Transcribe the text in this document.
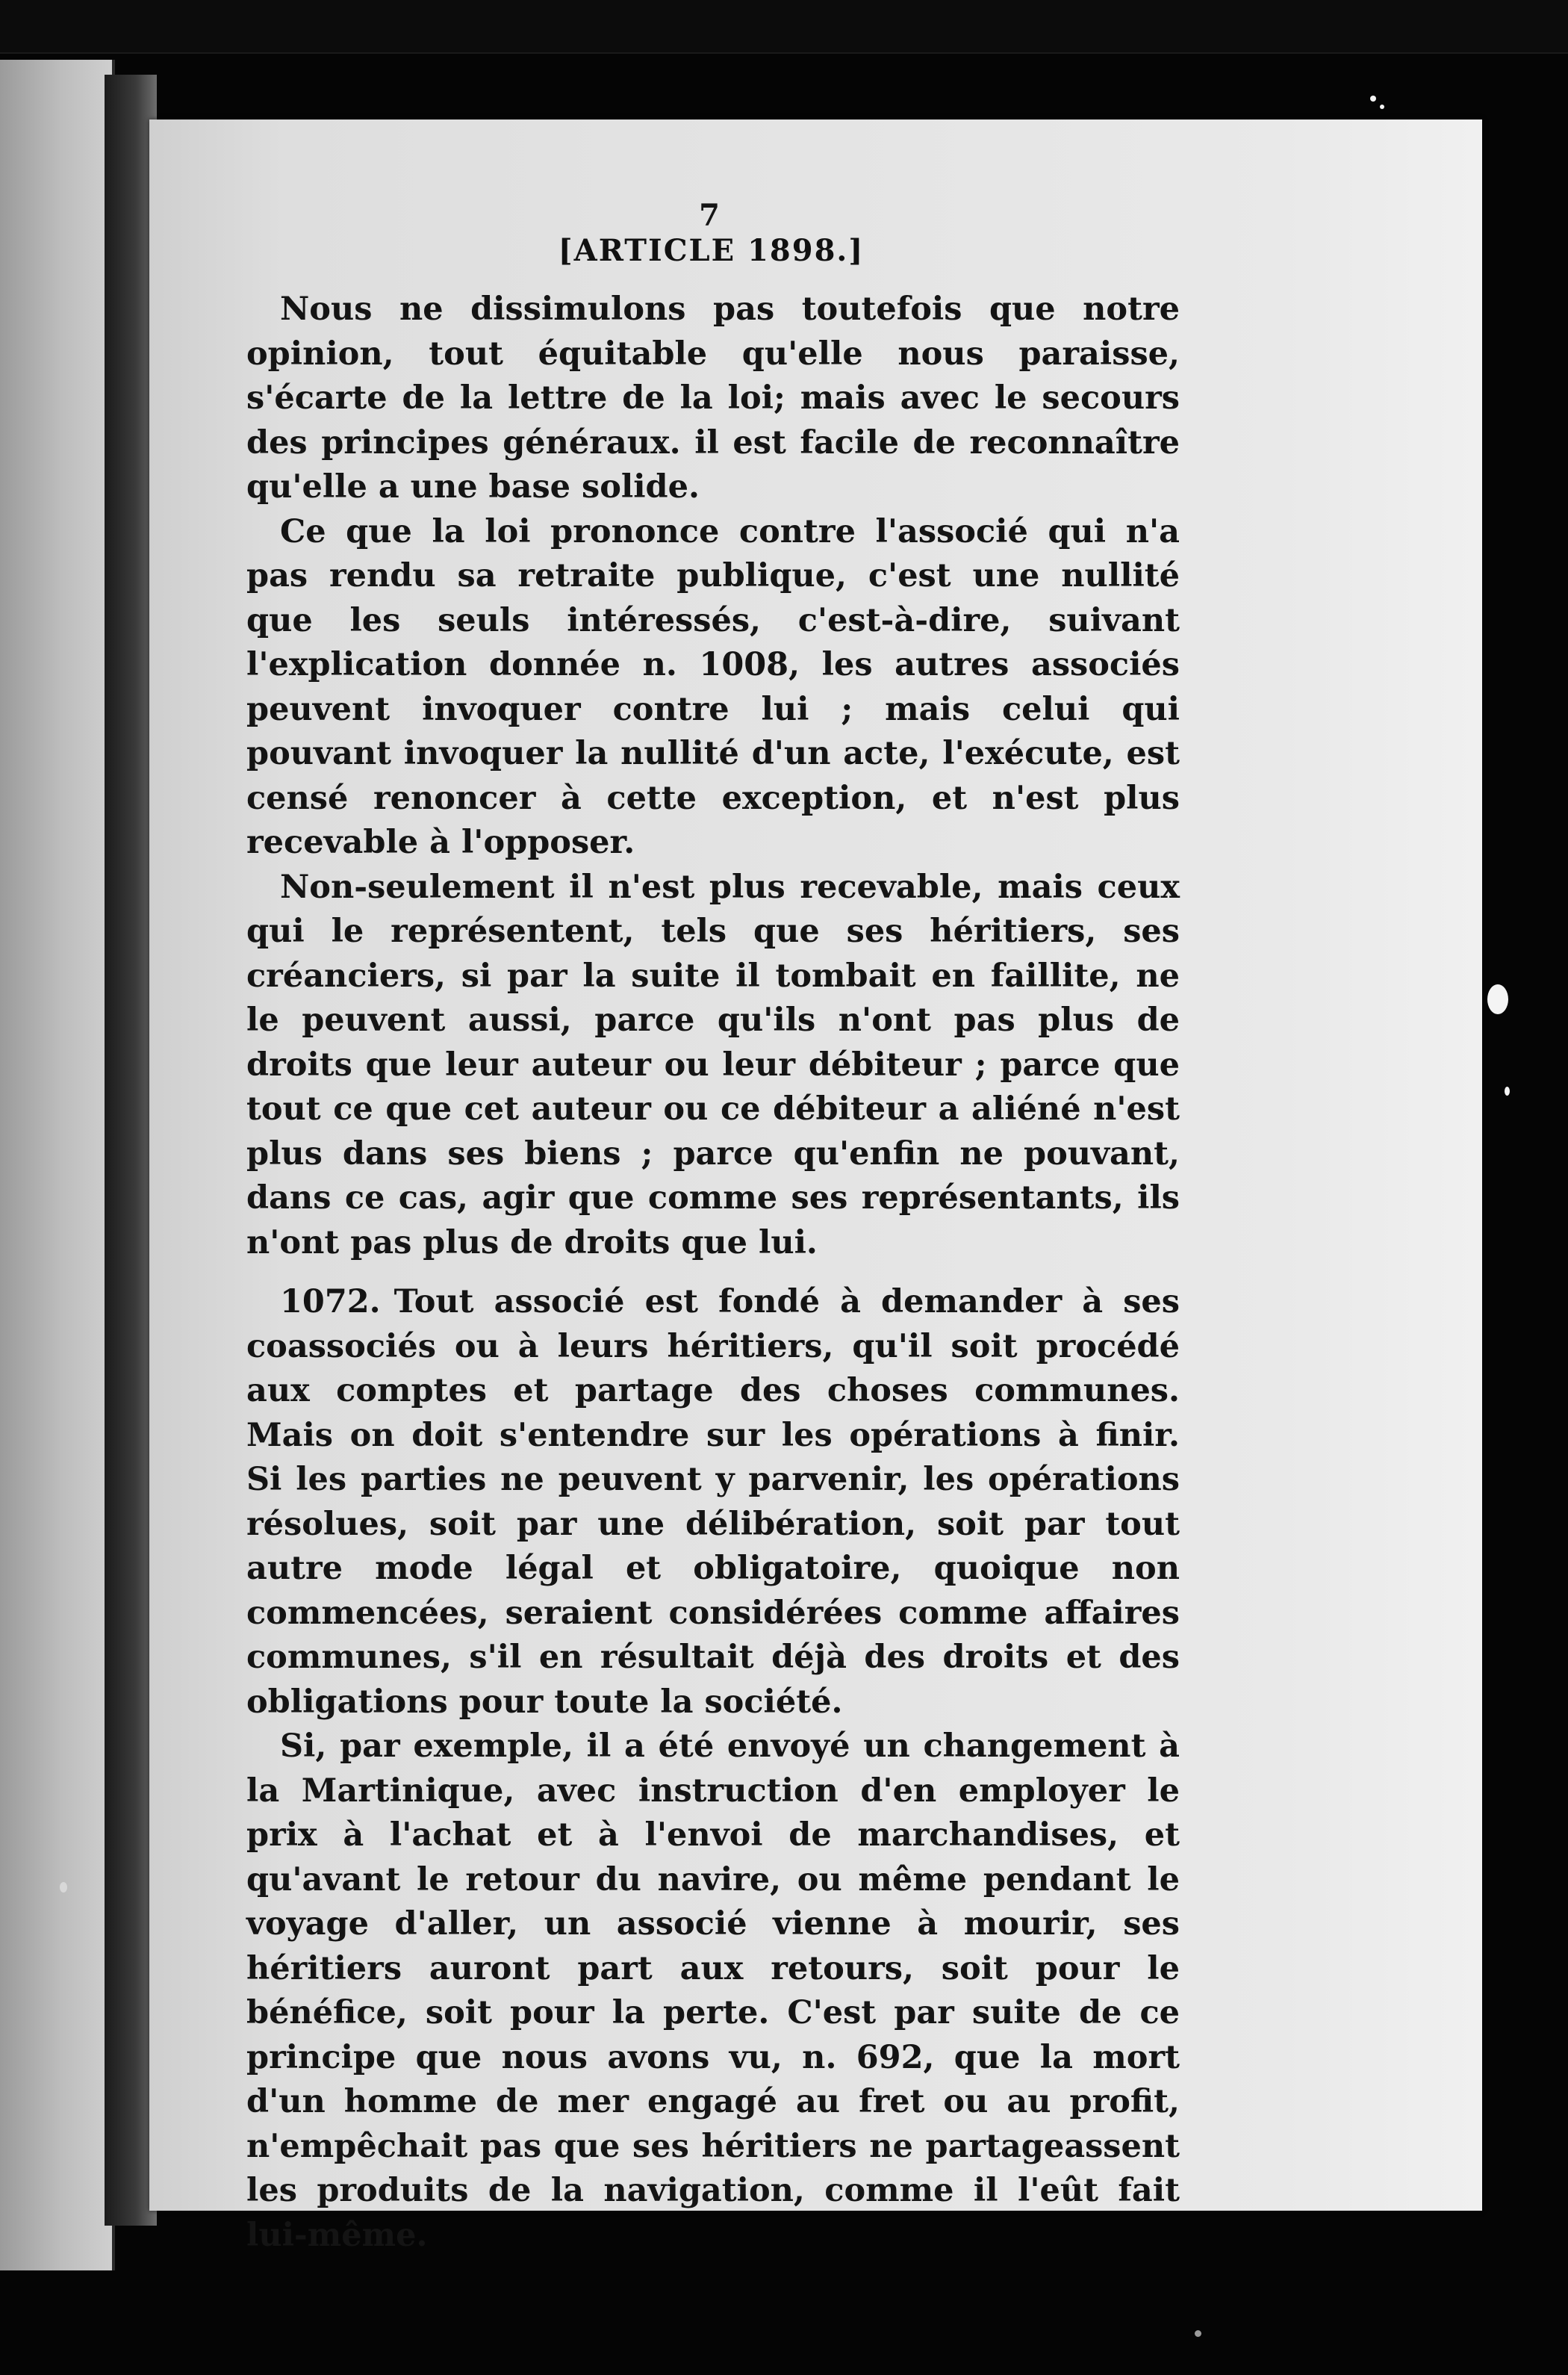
7
[ARTICLE 1898.]

Nous ne dissimulons pas toutefois que notre opinion, tout équitable qu'elle nous paraisse, s'écarte de la lettre de la loi; mais avec le secours des principes généraux. il est facile de reconnaître qu'elle a une base solide.

Ce que la loi prononce contre l'associé qui n'a pas rendu sa retraite publique, c'est une nullité que les seuls intéressés, c'est-à-dire, suivant l'explication donnée n. 1008, les autres associés peuvent invoquer contre lui ; mais celui qui pouvant invoquer la nullité d'un acte, l'exécute, est censé renoncer à cette exception, et n'est plus recevable à l'opposer.

Non-seulement il n'est plus recevable, mais ceux qui le représentent, tels que ses héritiers, ses créanciers, si par la suite il tombait en faillite, ne le peuvent aussi, parce qu'ils n'ont pas plus de droits que leur auteur ou leur débiteur ; parce que tout ce que cet auteur ou ce débiteur a aliéné n'est plus dans ses biens ; parce qu'enfin ne pouvant, dans ce cas, agir que comme ses représentants, ils n'ont pas plus de droits que lui.

1072. Tout associé est fondé à demander à ses coassociés ou à leurs héritiers, qu'il soit procédé aux comptes et partage des choses communes. Mais on doit s'entendre sur les opérations à finir. Si les parties ne peuvent y parvenir, les opérations résolues, soit par une délibération, soit par tout autre mode légal et obligatoire, quoique non commencées, seraient considérées comme affaires communes, s'il en résultait déjà des droits et des obligations pour toute la société.

Si, par exemple, il a été envoyé un changement à la Martinique, avec instruction d'en employer le prix à l'achat et à l'envoi de marchandises, et qu'avant le retour du navire, ou même pendant le voyage d'aller, un associé vienne à mourir, ses héritiers auront part aux retours, soit pour le bénéfice, soit pour la perte. C'est par suite de ce principe que nous avons vu, n. 692, que la mort d'un homme de mer engagé au fret ou au profit, n'empêchait pas que ses héritiers ne partageassent les produits de la navigation, comme il l'eût fait lui-même.
